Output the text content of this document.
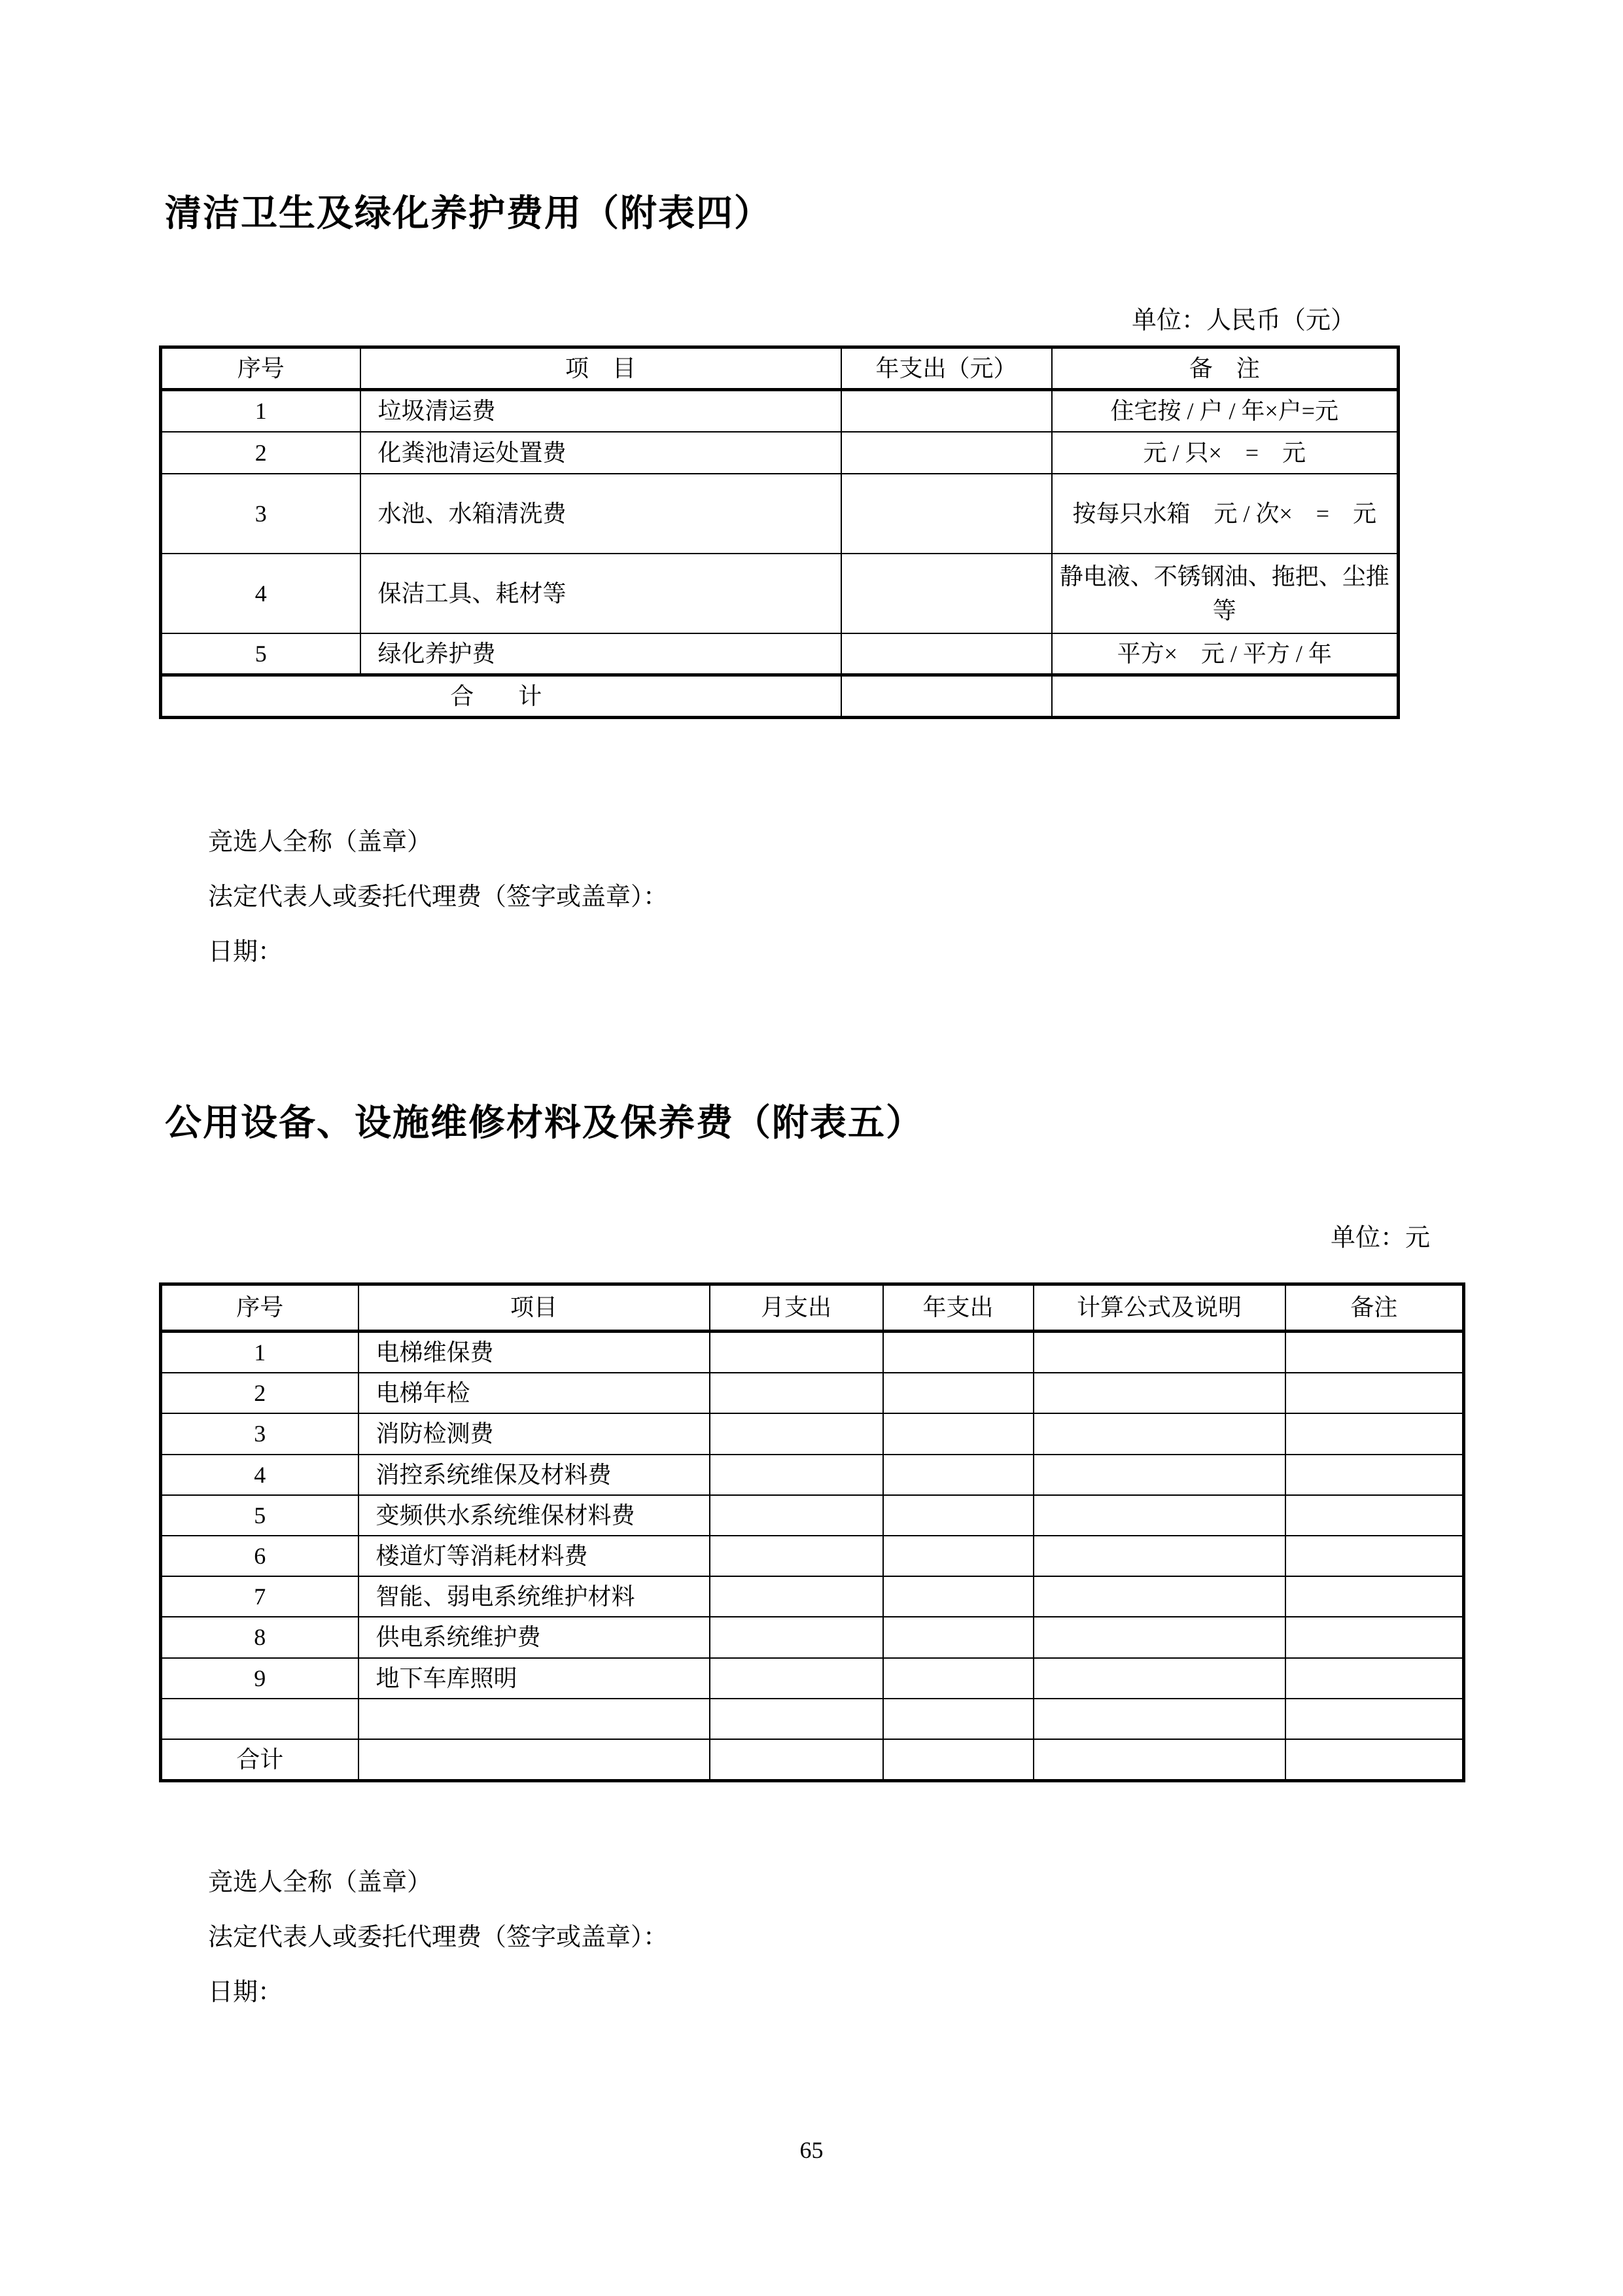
清洁卫生及绿化养护费用（附表四）
单位：人民币（元）
序号	项　目	年支出（元）	备　注
1	垃圾清运费		住宅按 / 户 / 年×户=元
2	化粪池清运处置费		元 / 只×　=　元
3	水池、水箱清洗费		按每只水箱　元 / 次×　=　元
4	保洁工具、耗材等		静电液、不锈钢油、拖把、尘推等
5	绿化养护费		平方×　元 / 平方 / 年
合　计			
竞选人全称（盖章）
法定代表人或委托代理费（签字或盖章）：
日期：
公用设备、设施维修材料及保养费（附表五）
单位：元
序号	项目	月支出	年支出	计算公式及说明	备注
1	电梯维保费				
2	电梯年检				
3	消防检测费				
4	消控系统维保及材料费				
5	变频供水系统维保材料费				
6	楼道灯等消耗材料费				
7	智能、弱电系统维护材料				
8	供电系统维护费				
9	地下车库照明				

合计					
竞选人全称（盖章）
法定代表人或委托代理费（签字或盖章）：
日期：
65
